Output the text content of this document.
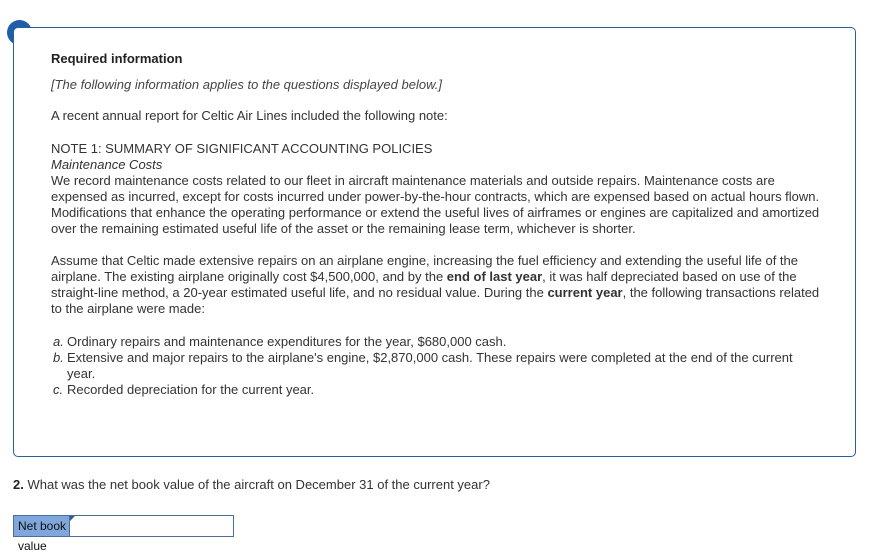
Required information

[The following information applies to the questions displayed below.]

A recent annual report for Celtic Air Lines included the following note:

NOTE 1: SUMMARY OF SIGNIFICANT ACCOUNTING POLICIES

Maintenance Costs

We record maintenance costs related to our fleet in aircraft maintenance materials and outside repairs. Maintenance costs are expensed as incurred, except for costs incurred under power-by-the-hour contracts, which are expensed based on actual hours flown. Modifications that enhance the operating performance or extend the useful lives of airframes or engines are capitalized and amortized over the remaining estimated useful life of the asset or the remaining lease term, whichever is shorter.

Assume that Celtic made extensive repairs on an airplane engine, increasing the fuel efficiency and extending the useful life of the airplane. The existing airplane originally cost $4,500,000, and by the end of last year, it was half depreciated based on use of the straight-line method, a 20-year estimated useful life, and no residual value. During the current year, the following transactions related to the airplane were made:

a. Ordinary repairs and maintenance expenditures for the year, $680,000 cash.
b. Extensive and major repairs to the airplane's engine, $2,870,000 cash. These repairs were completed at the end of the current year.
c. Recorded depreciation for the current year.
2. What was the net book value of the aircraft on December 31 of the current year?
Net book value
